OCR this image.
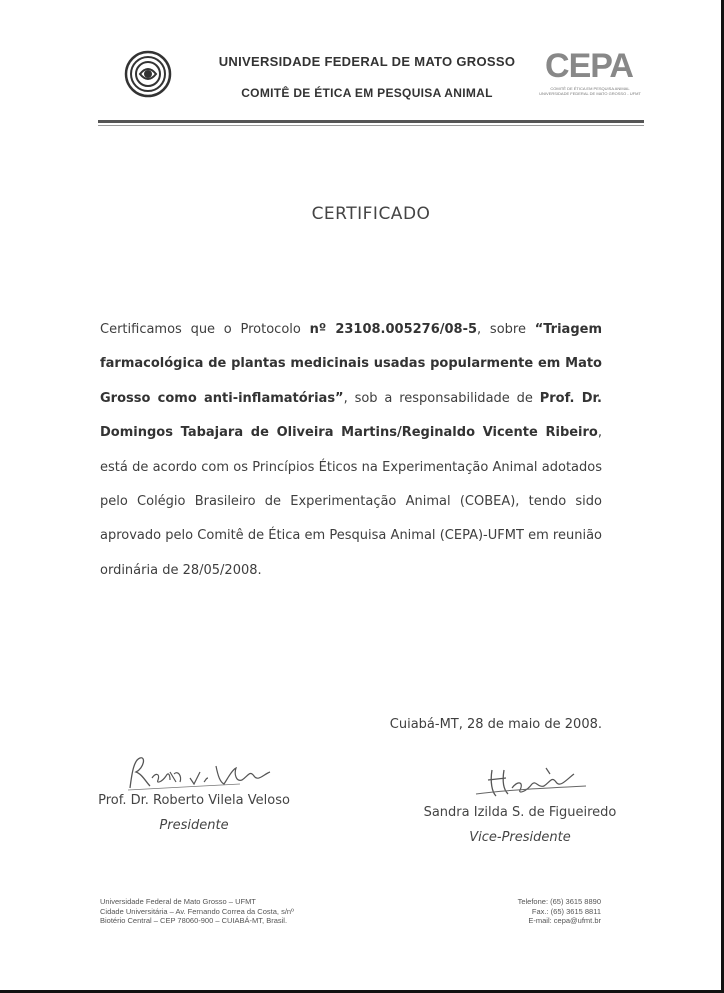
UNIVERSIDADE FEDERAL DE MATO GROSSO
COMITÊ DE ÉTICA EM PESQUISA ANIMAL
CEPA
COMITÊ DE ÉTICA EM PESQUISA ANIMAL
UNIVERSIDADE FEDERAL DE MATO GROSSO - UFMT
CERTIFICADO
Certificamos que o Protocolo nº 23108.005276/08-5, sobre “Triagem farmacológica de plantas medicinais usadas popularmente em Mato Grosso como anti-inflamatórias”, sob a responsabilidade de Prof. Dr. Domingos Tabajara de Oliveira Martins/Reginaldo Vicente Ribeiro, está de acordo com os Princípios Éticos na Experimentação Animal adotados pelo Colégio Brasileiro de Experimentação Animal (COBEA), tendo sido aprovado pelo Comitê de Ética em Pesquisa Animal (CEPA)-UFMT em reunião ordinária de 28/05/2008.
Cuiabá-MT, 28 de maio de 2008.
Prof. Dr. Roberto Vilela Veloso
Presidente
Sandra Izilda S. de Figueiredo
Vice-Presidente
Universidade Federal de Mato Grosso – UFMT
Cidade Universitária – Av. Fernando Correa da Costa, s/nº
Biotério Central – CEP 78060-900 – CUIABÁ-MT, Brasil.
Telefone: (65) 3615 8890
Fax.: (65) 3615 8811
E-mail: cepa@ufmt.br
